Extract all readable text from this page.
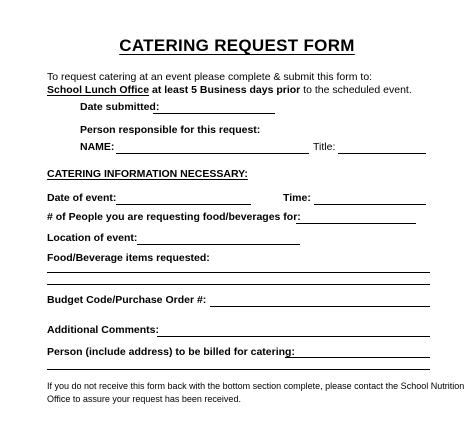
CATERING REQUEST FORM
To request catering at an event please complete & submit this form to:
School Lunch Office at least 5 Business days prior to the scheduled event.
Date submitted:
Person responsible for this request:
NAME:	Title:
CATERING INFORMATION NECESSARY:
Date of event:	Time:
# of People you are requesting food/beverages for:
Location of event:
Food/Beverage items requested:
Budget Code/Purchase Order #:
Additional Comments:
Person (include address) to be billed for catering:
If you do not receive this form back with the bottom section complete, please contact the School Nutrition Office to assure your request has been received.
